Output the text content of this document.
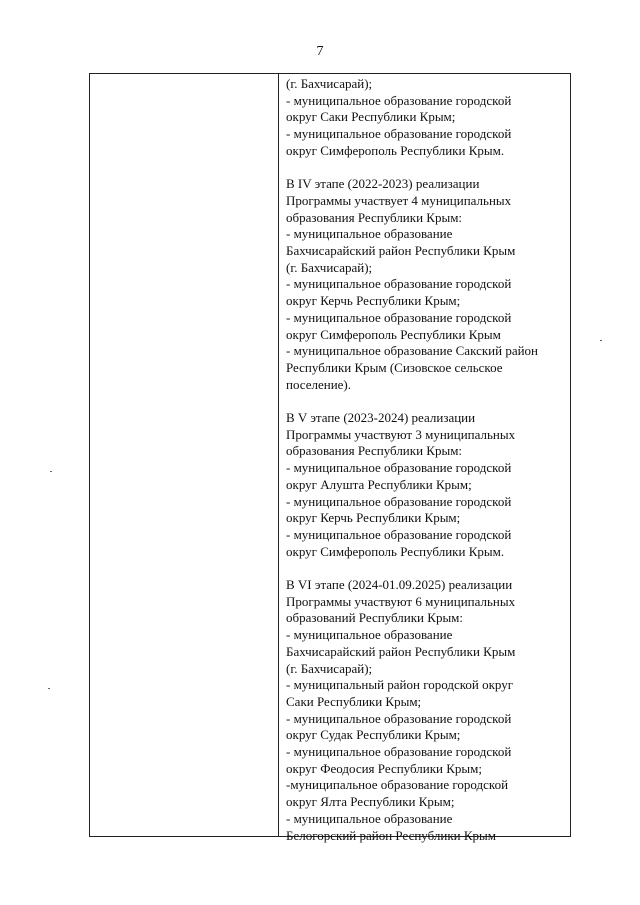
7
(г. Бахчисарай);
- муниципальное образование городской
округ Саки Республики Крым;
- муниципальное образование городской
округ Симферополь Республики Крым.
В IV этапе (2022-2023) реализации
Программы участвует 4 муниципальных
образования Республики Крым:
- муниципальное образование
Бахчисарайский район Республики Крым
(г. Бахчисарай);
- муниципальное образование городской
округ Керчь Республики Крым;
- муниципальное образование городской
округ Симферополь Республики Крым
- муниципальное образование Сакский район
Республики Крым (Сизовское сельское
поселение).
В V этапе (2023-2024) реализации
Программы участвуют 3 муниципальных
образования Республики Крым:
- муниципальное образование городской
округ Алушта Республики Крым;
- муниципальное образование городской
округ Керчь Республики Крым;
- муниципальное образование городской
округ Симферополь Республики Крым.
В VI этапе (2024-01.09.2025) реализации
Программы участвуют 6 муниципальных
образований Республики Крым:
- муниципальное образование
Бахчисарайский район Республики Крым
(г. Бахчисарай);
- муниципальный район городской округ
Саки Республики Крым;
- муниципальное образование городской
округ Судак Республики Крым;
- муниципальное образование городской
округ Феодосия Республики Крым;
-муниципальное образование городской
округ Ялта Республики Крым;
- муниципальное образование
Белогорский район Республики Крым
